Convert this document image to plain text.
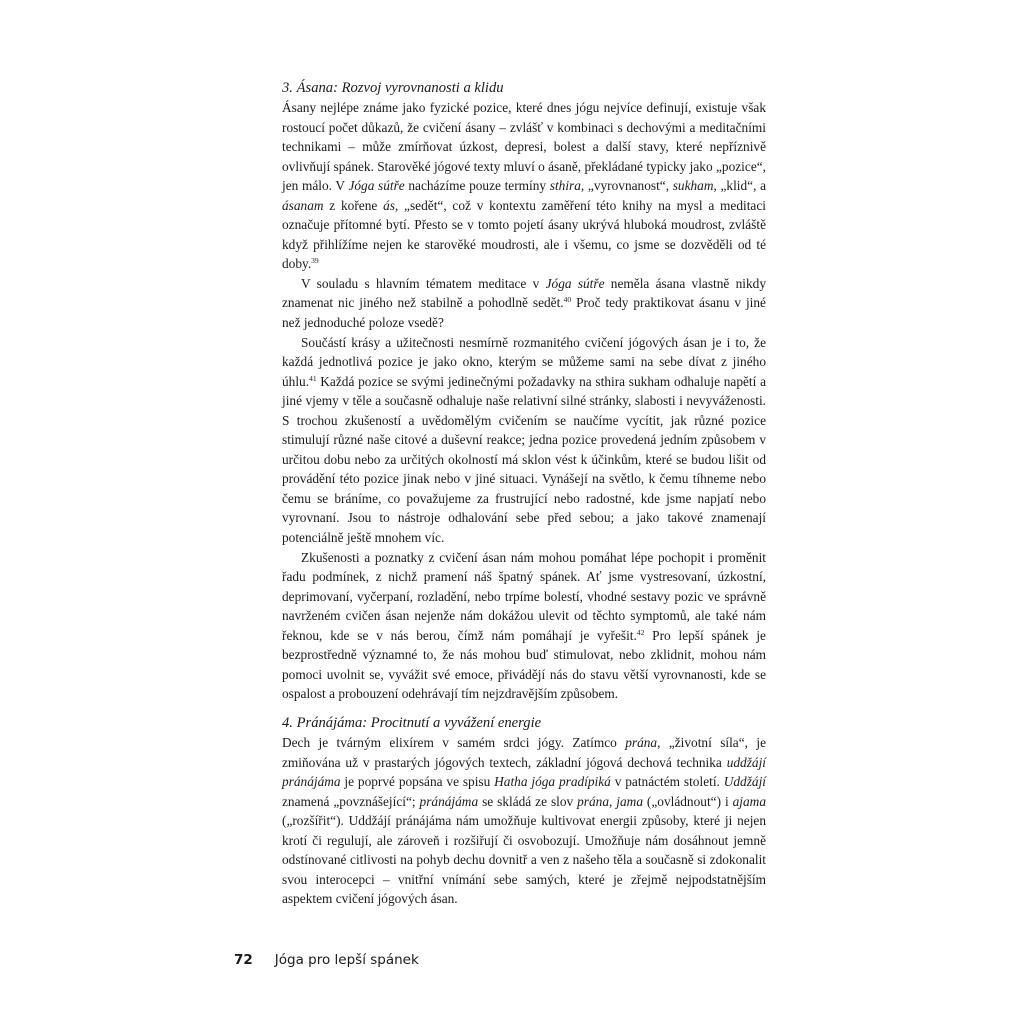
3. Ásana: Rozvoj vyrovnanosti a klidu

Ásany nejlépe známe jako fyzické pozice, které dnes jógu nejvíce definují, existuje však rostoucí počet důkazů, že cvičení ásany – zvlášť v kombinaci s dechovými a meditačními technikami – může zmírňovat úzkost, depresi, bolest a další stavy, které nepříznivě ovlivňují spánek. Starověké jógové texty mluví o ásaně, překládané typicky jako „pozice“, jen málo. V Jóga sútře nacházíme pouze termíny sthira, „vyrovnanost“, sukham, „klid“, a ásanam z kořene ás, „sedět“, což v kontextu zaměření této knihy na mysl a meditaci označuje přítomné bytí. Přesto se v tomto pojetí ásany ukrývá hluboká moudrost, zvláště když přihlížíme nejen ke starověké moudrosti, ale i všemu, co jsme se dozvěděli od té doby.$^{39}$

V souladu s hlavním tématem meditace v Jóga sútře neměla ásana vlastně nikdy znamenat nic jiného než stabilně a pohodlně sedět.$^{40}$ Proč tedy praktikovat ásanu v jiné než jednoduché poloze vsedě?

Součástí krásy a užitečnosti nesmírně rozmanitého cvičení jógových ásan je i to, že každá jednotlivá pozice je jako okno, kterým se můžeme sami na sebe dívat z jiného úhlu.$^{41}$ Každá pozice se svými jedinečnými požadavky na sthira sukham odhaluje napětí a jiné vjemy v těle a současně odhaluje naše relativní silné stránky, slabosti i nevyváženosti. S trochou zkušeností a uvědomělým cvičením se naučíme vycítit, jak různé pozice stimulují různé naše citové a duševní reakce; jedna pozice provedená jedním způsobem v určitou dobu nebo za určitých okolností má sklon vést k účinkům, které se budou lišit od provádění této pozice jinak nebo v jiné situaci. Vynášejí na světlo, k čemu tíhneme nebo čemu se bráníme, co považujeme za frustrující nebo radostné, kde jsme napjatí nebo vyrovnaní. Jsou to nástroje odhalování sebe před sebou; a jako takové znamenají potenciálně ještě mnohem víc.

Zkušenosti a poznatky z cvičení ásan nám mohou pomáhat lépe pochopit i proměnit řadu podmínek, z nichž pramení náš špatný spánek. Ať jsme vystresovaní, úzkostní, deprimovaní, vyčerpaní, rozladění, nebo trpíme bolestí, vhodné sestavy pozic ve správně navrženém cvičen ásan nejenže nám dokážou ulevit od těchto symptomů, ale také nám řeknou, kde se v nás berou, čímž nám pomáhají je vyřešit.$^{42}$ Pro lepší spánek je bezprostředně významné to, že nás mohou buď stimulovat, nebo zklidnit, mohou nám pomoci uvolnit se, vyvážit své emoce, přivádějí nás do stavu větší vyrovnanosti, kde se ospalost a probouzení odehrávají tím nejzdravějším způsobem.

4. Pránájáma: Procitnutí a vyvážení energie

Dech je tvárným elixírem v samém srdci jógy. Zatímco prána, „životní síla“, je zmiňována už v prastarých jógových textech, základní jógová dechová technika uddžájí pránájáma je poprvé popsána ve spisu Hatha jóga pradípiká v patnáctém století. Uddžájí znamená „povznášející“; pránájáma se skládá ze slov prána, jama („ovládnout“) i ajama („rozšířit“). Uddžájí pránájáma nám umožňuje kultivovat energii způsoby, které ji nejen krotí či regulují, ale zároveň i rozšiřují či osvobozují. Umožňuje nám dosáhnout jemně odstínované citlivosti na pohyb dechu dovnitř a ven z našeho těla a současně si zdokonalit svou interocepci – vnitřní vnímání sebe samých, které je zřejmě nejpodstatnějším aspektem cvičení jógových ásan.

72 Jóga pro lepší spánek
